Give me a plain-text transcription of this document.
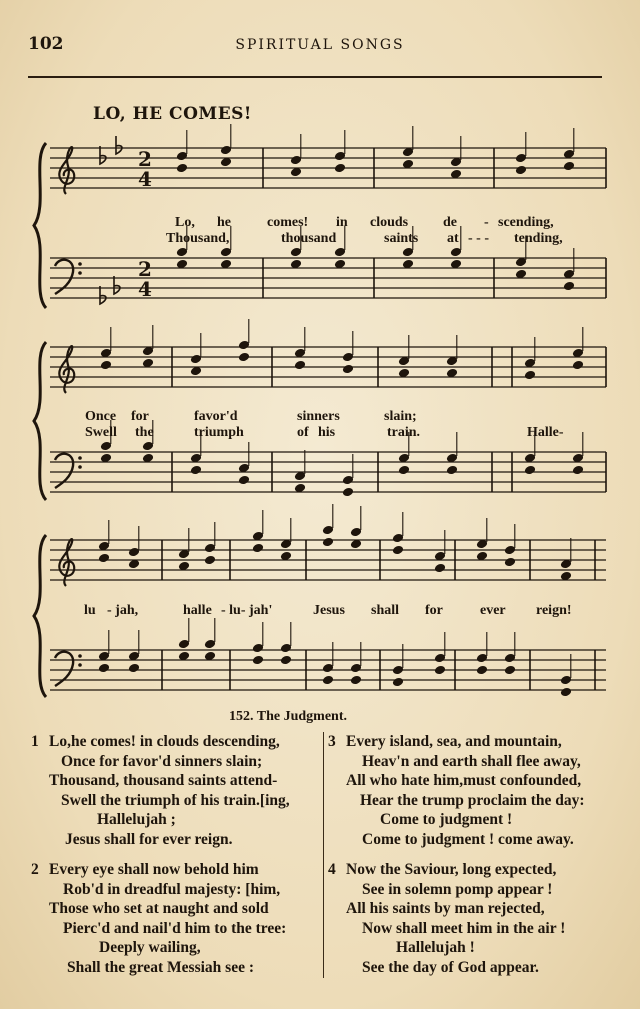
102	SPIRITUAL SONGS
LO, HE COMES!
2
4
2
4
Lo, he	comes! in clouds de - scending,
Thousand,	thousand	saints at - - - tending,
Once for	favor'd	sinners	slain;
Swell the	triumph	of his	train.	Halle-
lu - jah,	halle - lu- jah'	Jesus shall for	ever reign!
152. The Judgment.
1 Lo,he comes! in clouds descending,
Once for favor'd sinners slain;
Thousand, thousand saints attend-
Swell the triumph of his train.[ing,
Hallelujah ;
Jesus shall for ever reign.
2 Every eye shall now behold him
Rob'd in dreadful majesty: [him,
Those who set at naught and sold
Pierc'd and nail'd him to the tree:
Deeply wailing,
Shall the great Messiah see :
3 Every island, sea, and mountain,
Heav'n and earth shall flee away,
All who hate him,must confounded,
Hear the trump proclaim the day:
Come to judgment !
Come to judgment ! come away.
4 Now the Saviour, long expected,
See in solemn pomp appear !
All his saints by man rejected,
Now shall meet him in the air !
Hallelujah !
See the day of God appear.
